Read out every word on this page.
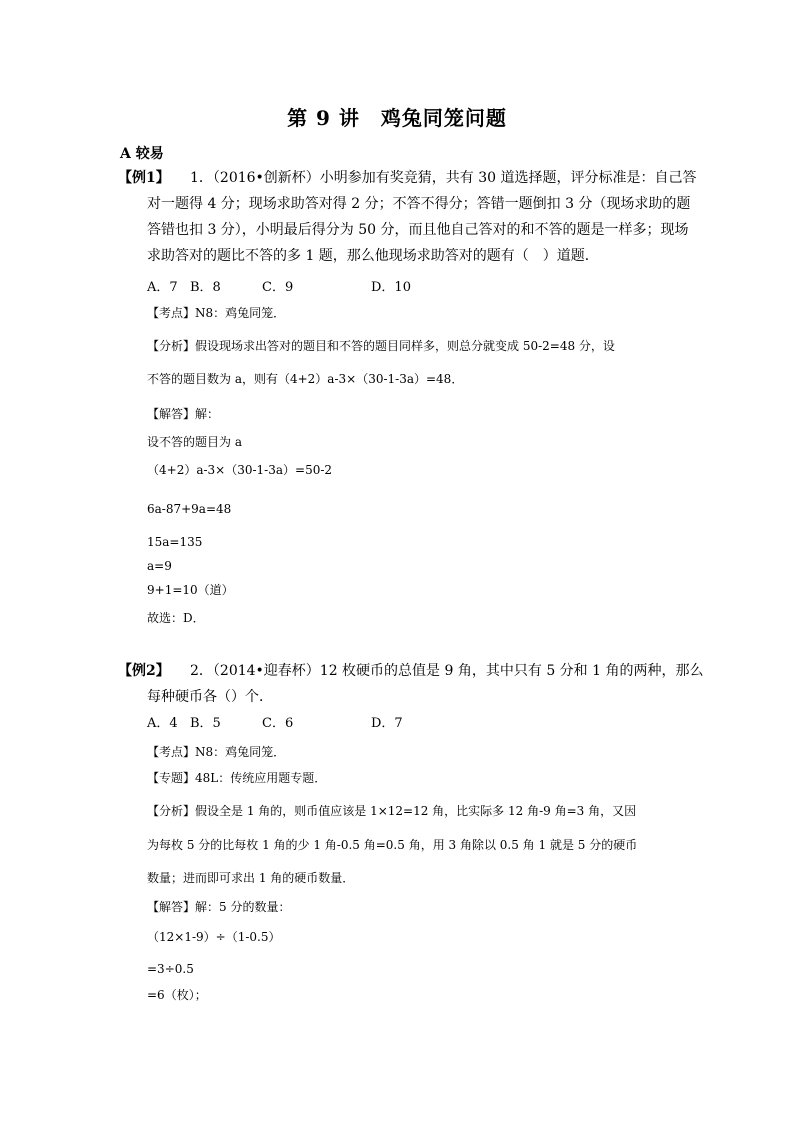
第 9 讲　鸡兔同笼问题
A 较易
【例1】 1．（2016•创新杯）小明参加有奖竞猜，共有 30 道选择题，评分标准是：自己答
对一题得 4 分；现场求助答对得 2 分；不答不得分；答错一题倒扣 3 分（现场求助的题
答错也扣 3 分），小明最后得分为 50 分，而且他自己答对的和不答的题是一样多；现场
求助答对的题比不答的多 1 题，那么他现场求助答对的题有（　）道题．
A．7 B．8	C．9	D．10
【考点】N8：鸡兔同笼．
【分析】假设现场求出答对的题目和不答的题目同样多，则总分就变成 50-2=48 分，设
不答的题目数为 a，则有（4+2）a-3×（30-1-3a）=48．
【解答】解：
设不答的题目为 a
（4+2）a-3×（30-1-3a）=50-2
6a-87+9a=48
15a=135
a=9
9+1=10（道）
故选：D．
【例2】 2．（2014•迎春杯）12 枚硬币的总值是 9 角，其中只有 5 分和 1 角的两种，那么
每种硬币各（）个．
A．4 B．5	C．6	D．7
【考点】N8：鸡兔同笼．
【专题】48L：传统应用题专题．
【分析】假设全是 1 角的，则币值应该是 1×12=12 角，比实际多 12 角-9 角=3 角，又因
为每枚 5 分的比每枚 1 角的少 1 角-0.5 角=0.5 角，用 3 角除以 0.5 角 1 就是 5 分的硬币
数量；进而即可求出 1 角的硬币数量．
【解答】解：5 分的数量：
（12×1-9）÷（1-0.5）
=3÷0.5
=6（枚）；
